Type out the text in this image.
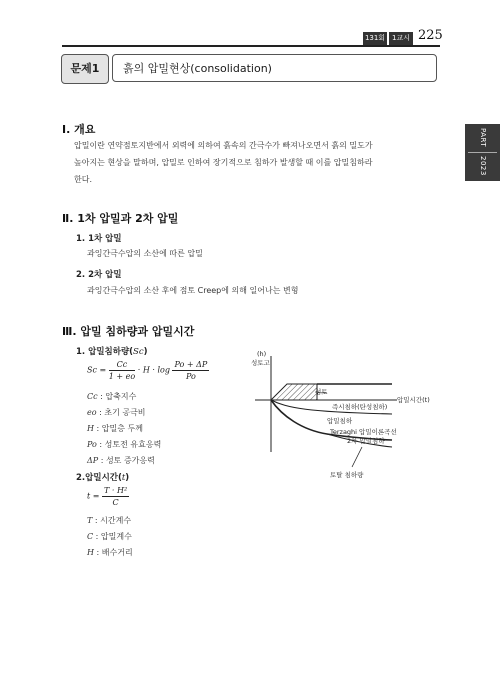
131회 1교시 225
PART
2023
문제1	흙의 압밀현상(consolidation)
Ⅰ. 개요
압밀이란 연약점토지반에서 외력에 의하여 흙속의 간극수가 빠져나오면서 흙의 밀도가
높아지는 현상을 말하며, 압밀로 인하여 장기적으로 침하가 발생할 때 이를 압밀침하라
한다.
Ⅱ. 1차 압밀과 2차 압밀
1. 1차 압밀
과잉간극수압의 소산에 따른 압밀
2. 2차 압밀
과잉간극수압의 소산 후에 점토 Creep에 의해 일어나는 변형
Ⅲ. 압밀 침하량과 압밀시간
1. 압밀침하량(Sc)
$Sc = \frac{Cc}{1 + eo} \cdot H \cdot \log \frac{Po + \Delta P}{Po}$
Cc : 압축지수
eo : 초기 공극비
H : 압밀층 두께
Po : 성토전 유효응력
ΔP : 성토 증가응력
2.압밀시간(t)
$t = \frac{\text{T · H²}}{C}$
T : 시간계수
C : 압밀계수
H : 배수거리
(h)
성토고
성토
압밀시간(t)
즉시침하(탄성침하)
압밀침하
Terzaghi 압밀이론곡선
2차 압밀침하
토탈 침하량
